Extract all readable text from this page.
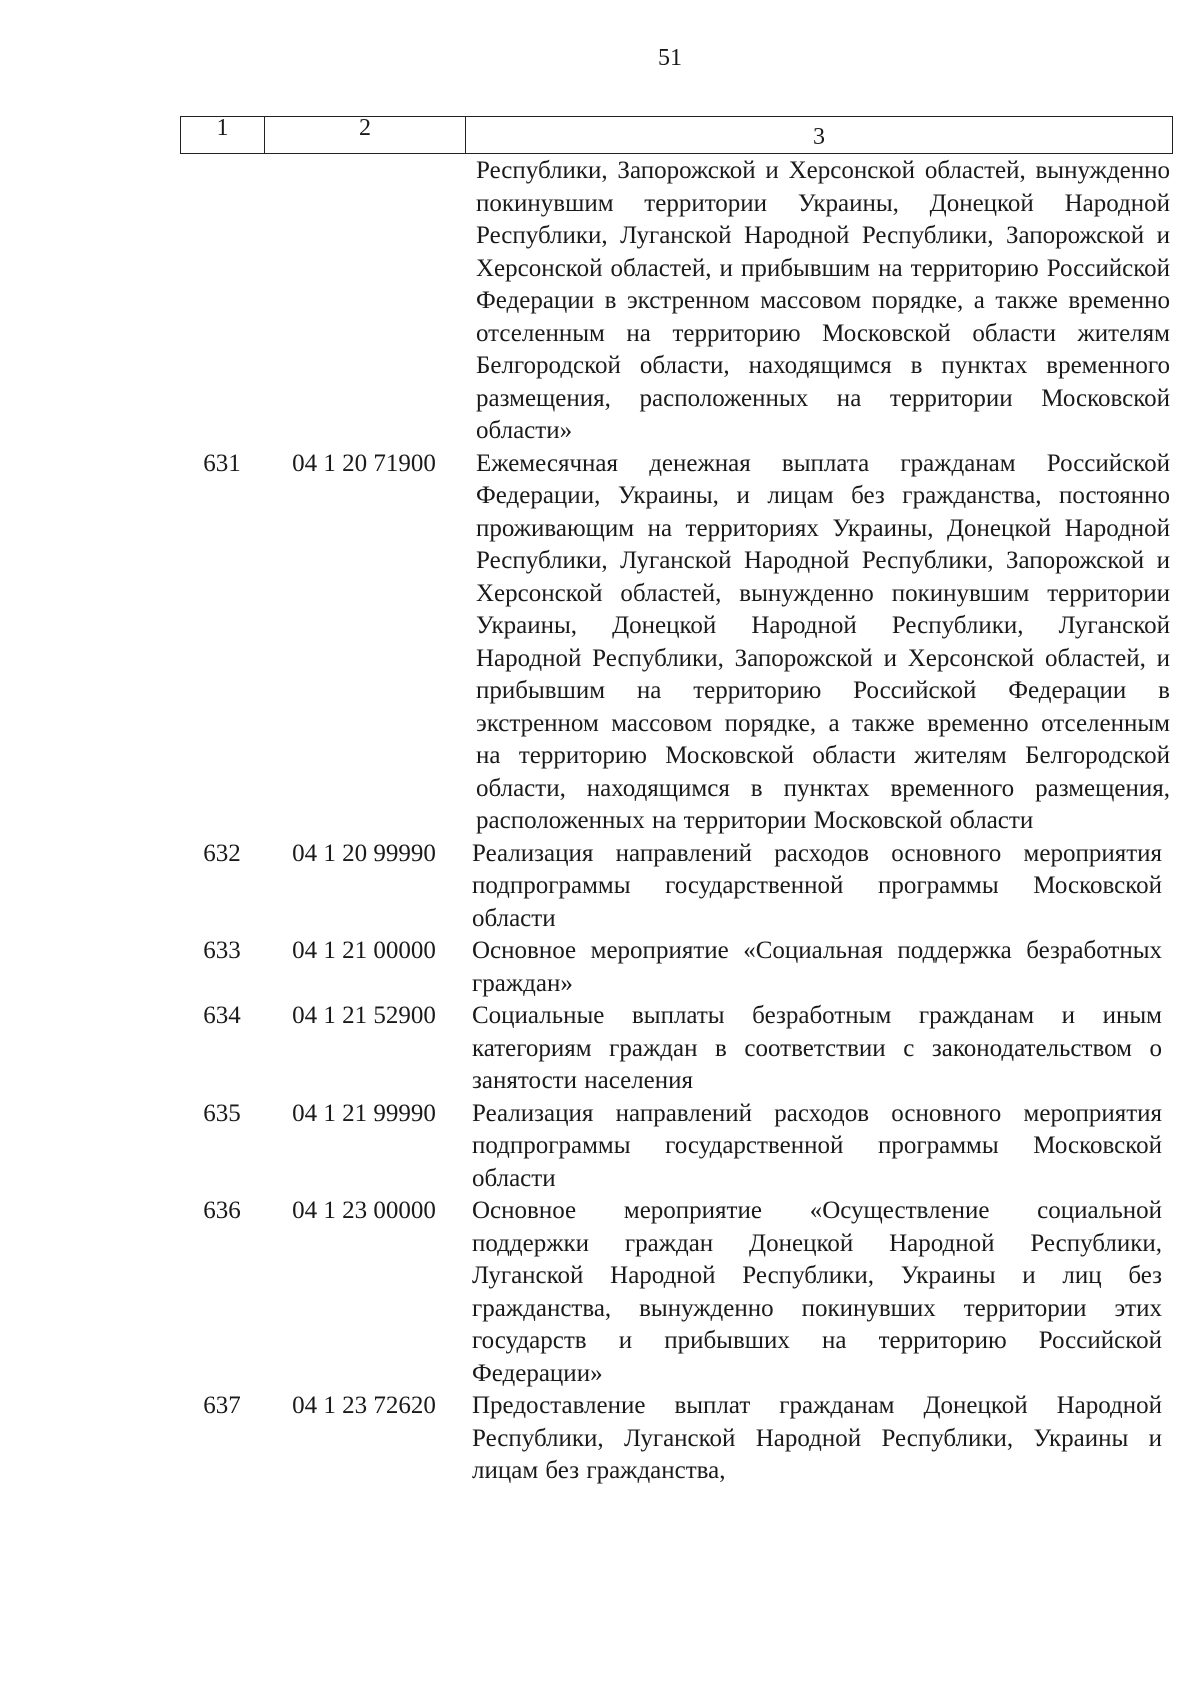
51
1	2	3
Республики, Запорожской и Херсонской областей, вынужденно покинувшим территории Украины, Донецкой Народной Республики, Луганской Народной Республики, Запорожской и Херсонской областей, и прибывшим на территорию Российской Федерации в экстренном массовом порядке, а также временно отселенным на территорию Московской области жителям Белгородской области, находящимся в пунктах временного размещения, расположенных на территории Московской области»
631	04 1 20 71900	Ежемесячная денежная выплата гражданам Российской Федерации, Украины, и лицам без гражданства, постоянно проживающим на территориях Украины, Донецкой Народной Республики, Луганской Народной Республики, Запорожской и Херсонской областей, вынужденно покинувшим территории Украины, Донецкой Народной Республики, Луганской Народной Республики, Запорожской и Херсонской областей, и прибывшим на территорию Российской Федерации в экстренном массовом порядке, а также временно отселенным на территорию Московской области жителям Белгородской области, находящимся в пунктах временного размещения, расположенных на территории Московской области
632	04 1 20 99990	Реализация направлений расходов основного мероприятия подпрограммы государственной программы Московской области
633	04 1 21 00000	Основное мероприятие «Социальная поддержка безработных граждан»
634	04 1 21 52900	Социальные выплаты безработным гражданам и иным категориям граждан в соответствии с законодательством о занятости населения
635	04 1 21 99990	Реализация направлений расходов основного мероприятия подпрограммы государственной программы Московской области
636	04 1 23 00000	Основное мероприятие «Осуществление социальной поддержки граждан Донецкой Народной Республики, Луганской Народной Республики, Украины и лиц без гражданства, вынужденно покинувших территории этих государств и прибывших на территорию Российской Федерации»
637	04 1 23 72620	Предоставление выплат гражданам Донецкой Народной Республики, Луганской Народной Республики, Украины и лицам без гражданства,
